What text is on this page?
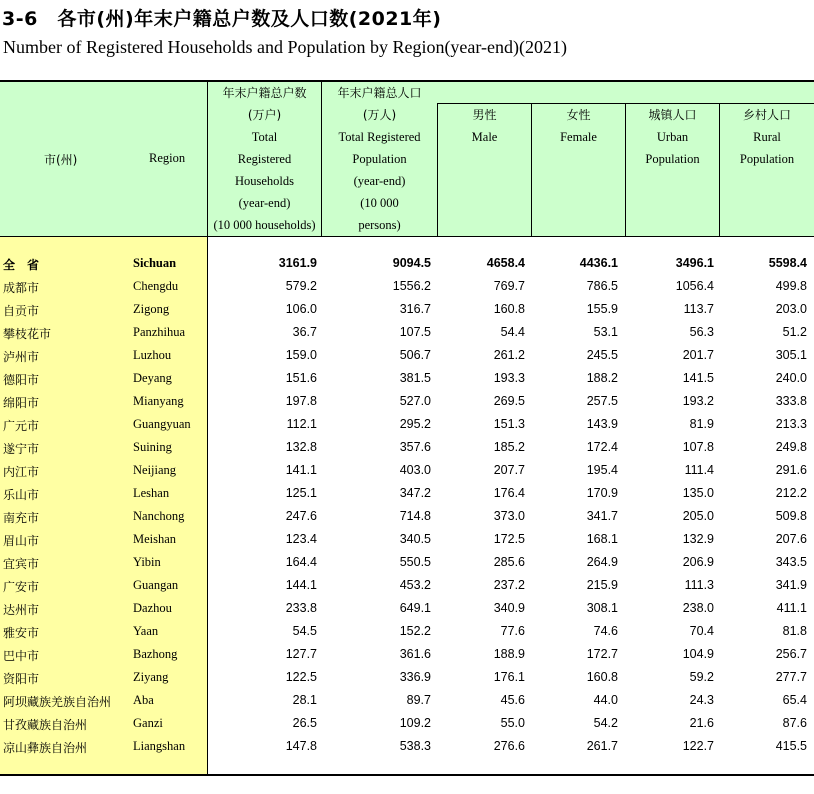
3-6　各市(州)年末户籍总户数及人口数(2021年)
Number of Registered Households and Population by Region(year-end)(2021)
市(州)	Region
年末户籍总户数
(万户)
Total
Registered
Households
(year-end)
(10 000 households)
年末户籍总人口
(万人)
Total Registered
Population
(year-end)
(10 000
persons)
男性
Male
女性
Female
城镇人口
Urban
Population
乡村人口
Rural
Population
全　省	Sichuan	3161.9	9094.5	4658.4	4436.1	3496.1	5598.4
成都市	Chengdu	579.2	1556.2	769.7	786.5	1056.4	499.8
自贡市	Zigong	106.0	316.7	160.8	155.9	113.7	203.0
攀枝花市	Panzhihua	36.7	107.5	54.4	53.1	56.3	51.2
泸州市	Luzhou	159.0	506.7	261.2	245.5	201.7	305.1
德阳市	Deyang	151.6	381.5	193.3	188.2	141.5	240.0
绵阳市	Mianyang	197.8	527.0	269.5	257.5	193.2	333.8
广元市	Guangyuan	112.1	295.2	151.3	143.9	81.9	213.3
遂宁市	Suining	132.8	357.6	185.2	172.4	107.8	249.8
内江市	Neijiang	141.1	403.0	207.7	195.4	111.4	291.6
乐山市	Leshan	125.1	347.2	176.4	170.9	135.0	212.2
南充市	Nanchong	247.6	714.8	373.0	341.7	205.0	509.8
眉山市	Meishan	123.4	340.5	172.5	168.1	132.9	207.6
宜宾市	Yibin	164.4	550.5	285.6	264.9	206.9	343.5
广安市	Guangan	144.1	453.2	237.2	215.9	111.3	341.9
达州市	Dazhou	233.8	649.1	340.9	308.1	238.0	411.1
雅安市	Yaan	54.5	152.2	77.6	74.6	70.4	81.8
巴中市	Bazhong	127.7	361.6	188.9	172.7	104.9	256.7
资阳市	Ziyang	122.5	336.9	176.1	160.8	59.2	277.7
阿坝藏族羌族自治州 Aba	28.1	89.7	45.6	44.0	24.3	65.4
甘孜藏族自治州	Ganzi	26.5	109.2	55.0	54.2	21.6	87.6
凉山彝族自治州	Liangshan	147.8	538.3	276.6	261.7	122.7	415.5
